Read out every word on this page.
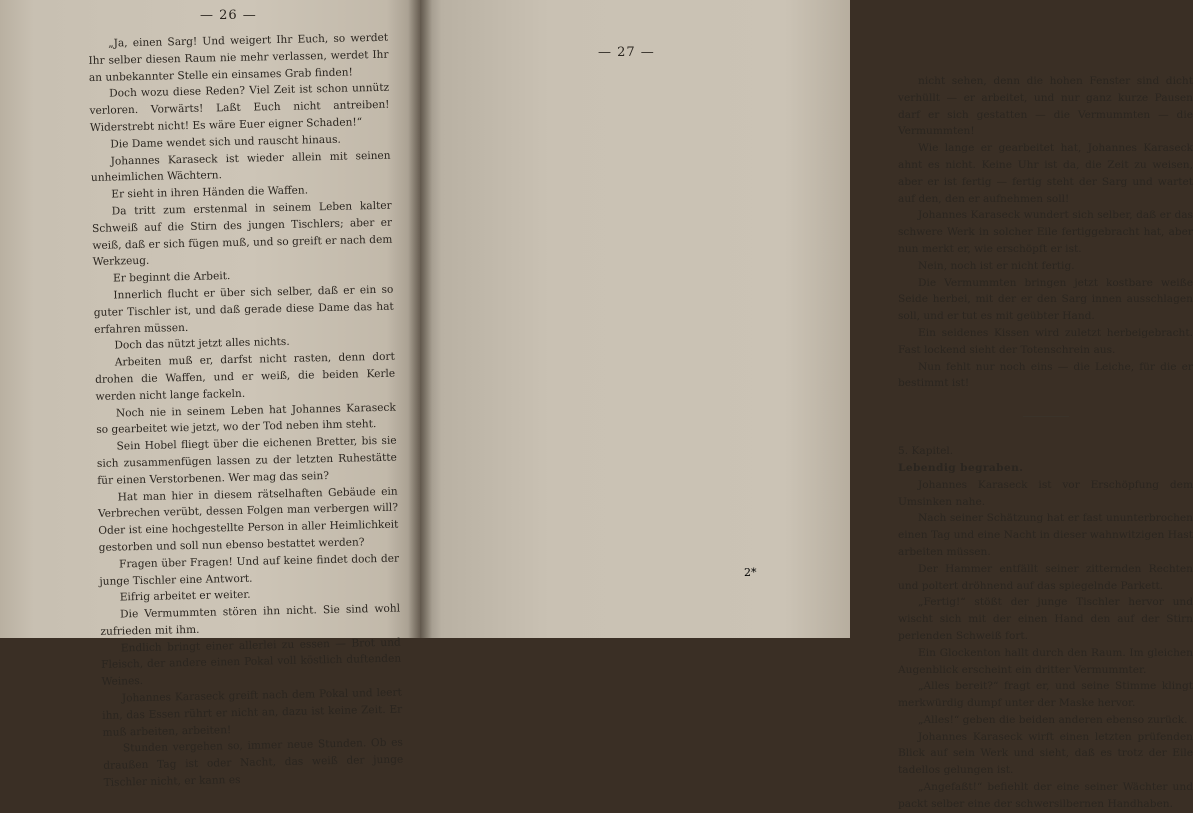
— 26 —

„Ja, einen Sarg! Und weigert Ihr Euch, so werdet Ihr selber diesen Raum nie mehr verlassen, werdet Ihr an unbekannter Stelle ein einsames Grab finden!

Doch wozu diese Reden? Viel Zeit ist schon unnütz verloren. Vorwärts! Laßt Euch nicht antreiben! Widerstrebt nicht! Es wäre Euer eigner Schaden!“

Die Dame wendet sich und rauscht hinaus.

Johannes Karaseck ist wieder allein mit seinen unheimlichen Wächtern.

Er sieht in ihren Händen die Waffen.

Da tritt zum erstenmal in seinem Leben kalter Schweiß auf die Stirn des jungen Tischlers; aber er weiß, daß er sich fügen muß, und so greift er nach dem Werkzeug.

Er beginnt die Arbeit.

Innerlich flucht er über sich selber, daß er ein so guter Tischler ist, und daß gerade diese Dame das hat erfahren müssen.

Doch das nützt jetzt alles nichts.

Arbeiten muß er, darfst nicht rasten, denn dort drohen die Waffen, und er weiß, die beiden Kerle werden nicht lange fackeln.

Noch nie in seinem Leben hat Johannes Karaseck so gearbeitet wie jetzt, wo der Tod neben ihm steht.

Sein Hobel fliegt über die eichenen Bretter, bis sie sich zusammenfügen lassen zu der letzten Ruhestätte für einen Verstorbenen. Wer mag das sein?

Hat man hier in diesem rätselhaften Gebäude ein Verbrechen verübt, dessen Folgen man verbergen will? Oder ist eine hochgestellte Person in aller Heimlichkeit gestorben und soll nun ebenso bestattet werden?

Fragen über Fragen! Und auf keine findet doch der junge Tischler eine Antwort.

Eifrig arbeitet er weiter.

Die Vermummten stören ihn nicht. Sie sind wohl zufrieden mit ihm.

Endlich bringt einer allerlei zu essen — Brot und Fleisch, der andere einen Pokal voll köstlich duftenden Weines.

Johannes Karaseck greift nach dem Pokal und leert ihn, das Essen rührt er nicht an, dazu ist keine Zeit. Er muß arbeiten, arbeiten!

Stunden vergehen so, immer neue Stunden. Ob es draußen Tag ist oder Nacht, das weiß der junge Tischler nicht, er kann es

nicht sehen, denn die hohen Fenster sind dicht verhüllt — er arbeitet, und nur ganz kurze Pausen darf er sich gestatten — die Vermummten — die Vermummten!

Wie lange er gearbeitet hat, Johannes Karaseck ahnt es nicht. Keine Uhr ist da, die Zeit zu weisen, aber er ist fertig — fertig steht der Sarg und wartet auf den, den er aufnehmen soll!

Johannes Karaseck wundert sich selber, daß er das schwere Werk in solcher Eile fertiggebracht hat, aber nun merkt er, wie erschöpft er ist.

Nein, noch ist er nicht fertig.

Die Vermummten bringen jetzt kostbare weiße Seide herbei, mit der er den Sarg innen ausschlagen soll, und er tut es mit geübter Hand.

Ein seidenes Kissen wird zuletzt herbeigebracht. Fast lockend sieht der Totenschrein aus.

Nun fehlt nur noch eins — die Leiche, für die er bestimmt ist!

5. Kapitel.

Lebendig begraben.

Johannes Karaseck ist vor Erschöpfung dem Umsinken nahe.

Nach seiner Schätzung hat er fast ununterbrochen einen Tag und eine Nacht in dieser wahnwitzigen Hast arbeiten müssen.

Der Hammer entfällt seiner zitternden Rechten und poltert dröhnend auf das spiegelnde Parkett.

„Fertig!“ stößt der junge Tischler hervor und wischt sich mit der einen Hand den auf der Stirn perlenden Schweiß fort.

Ein Glockenton hallt durch den Raum. Im gleichen Augenblick erscheint ein dritter Vermummter.

„Alles bereit?“ fragt er, und seine Stimme klingt merkwürdig dumpf unter der Maske hervor.

„Alles!“ geben die beiden anderen ebenso zurück.

Johannes Karaseck wirft einen letzten prüfenden Blick auf sein Werk und sieht, daß es trotz der Eile tadellos gelungen ist.

„Angefaßt!“ befiehlt der eine seiner Wächter und packt selber eine der schwersilbernen Handhaben.

— 27 —
2*
